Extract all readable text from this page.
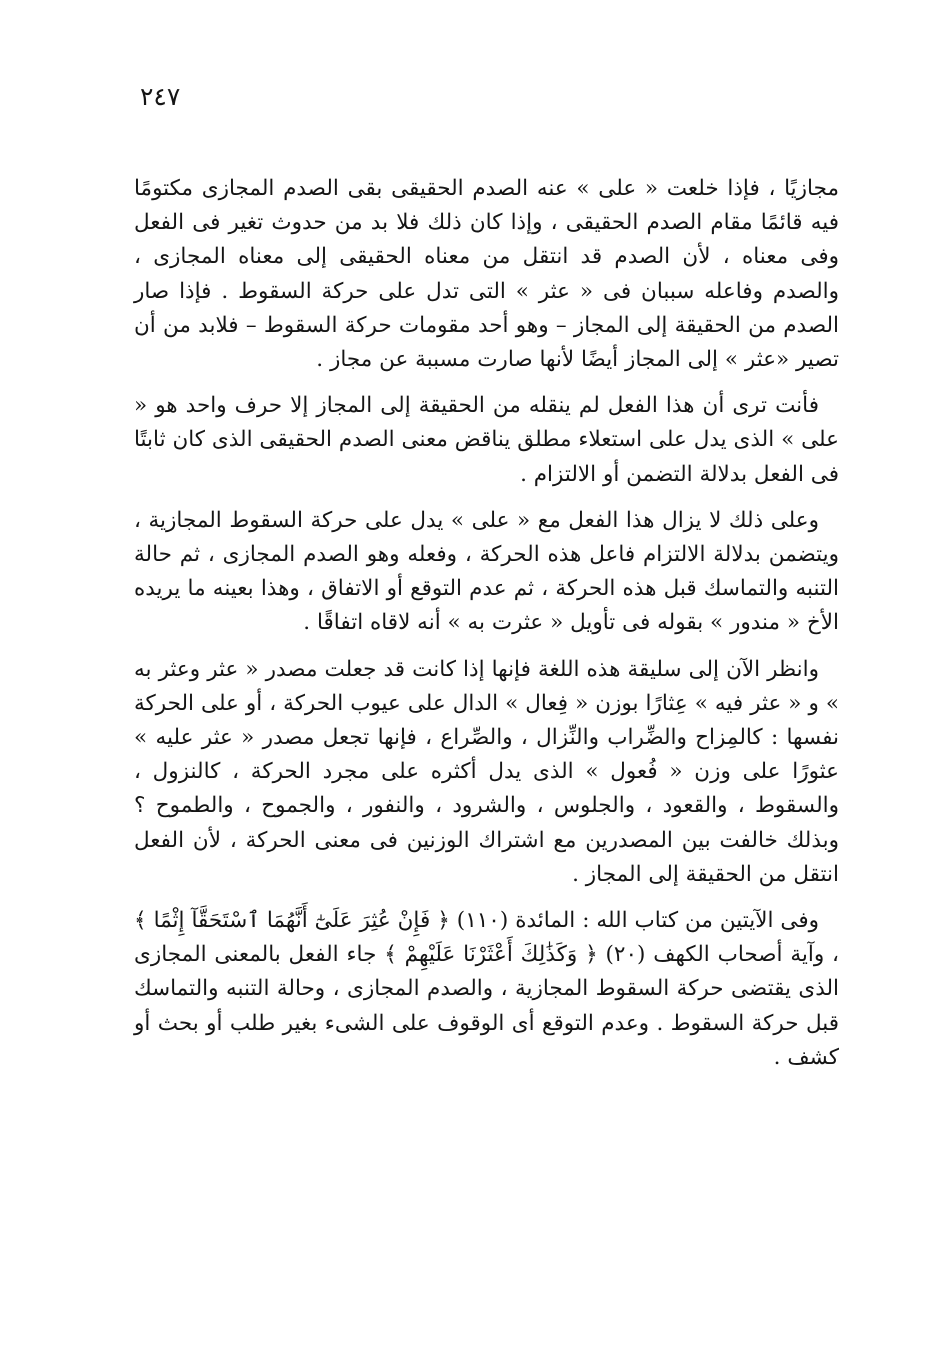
٢٤٧

مجازيًا ، فإذا خلعت « على » عنه الصدم الحقيقى بقى الصدم المجازى مكتومًا فيه قائمًا مقام الصدم الحقيقى ، وإذا كان ذلك فلا بد من حدوث تغير فى الفعل وفى معناه ، لأن الصدم قد انتقل من معناه الحقيقى إلى معناه المجازى ، والصدم وفاعله سببان فى « عثر » التى تدل على حركة السقوط . فإذا صار الصدم من الحقيقة إلى المجاز – وهو أحد مقومات حركة السقوط – فلابد من أن تصير «عثر » إلى المجاز أيضًا لأنها صارت مسببة عن مجاز .

فأنت ترى أن هذا الفعل لم ينقله من الحقيقة إلى المجاز إلا حرف واحد هو « على » الذى يدل على استعلاء مطلق يناقض معنى الصدم الحقيقى الذى كان ثابتًا فى الفعل بدلالة التضمن أو الالتزام .

وعلى ذلك لا يزال هذا الفعل مع « على » يدل على حركة السقوط المجازية ، ويتضمن بدلالة الالتزام فاعل هذه الحركة ، وفعله وهو الصدم المجازى ، ثم حالة التنبه والتماسك قبل هذه الحركة ، ثم عدم التوقع أو الاتفاق ، وهذا بعينه ما يريده الأخ « مندور » بقوله فى تأويل « عثرت به » أنه لاقاه اتفاقًا .

وانظر الآن إلى سليقة هذه اللغة فإنها إذا كانت قد جعلت مصدر « عثر وعثر به » و « عثر فيه » عِثارًا بوزن « فِعال » الدال على عيوب الحركة ، أو على الحركة نفسها : كالمِزاح والضِّراب والنِّزال ، والصِّراع ، فإنها تجعل مصدر « عثر عليه » عثورًا على وزن « فُعول » الذى يدل أكثره على مجرد الحركة ، كالنزول ، والسقوط ، والقعود ، والجلوس ، والشرود ، والنفور ، والجموح ، والطموح ؟ وبذلك خالفت بين المصدرين مع اشتراك الوزنين فى معنى الحركة ، لأن الفعل انتقل من الحقيقة إلى المجاز .

وفى الآيتين من كتاب الله : المائدة (١١٠) ﴿ فَإِنْ عُثِرَ عَلَىٰٓ أَنَّهُمَا ٱسْتَحَقَّآ إِثْمًا ﴾ ، وآية أصحاب الكهف (٢٠) ﴿ وَكَذَٰلِكَ أَعْثَرْنَا عَلَيْهِمْ ﴾ جاء الفعل بالمعنى المجازى الذى يقتضى حركة السقوط المجازية ، والصدم المجازى ، وحالة التنبه والتماسك قبل حركة السقوط . وعدم التوقع أى الوقوف على الشىء بغير طلب أو بحث أو كشف .
